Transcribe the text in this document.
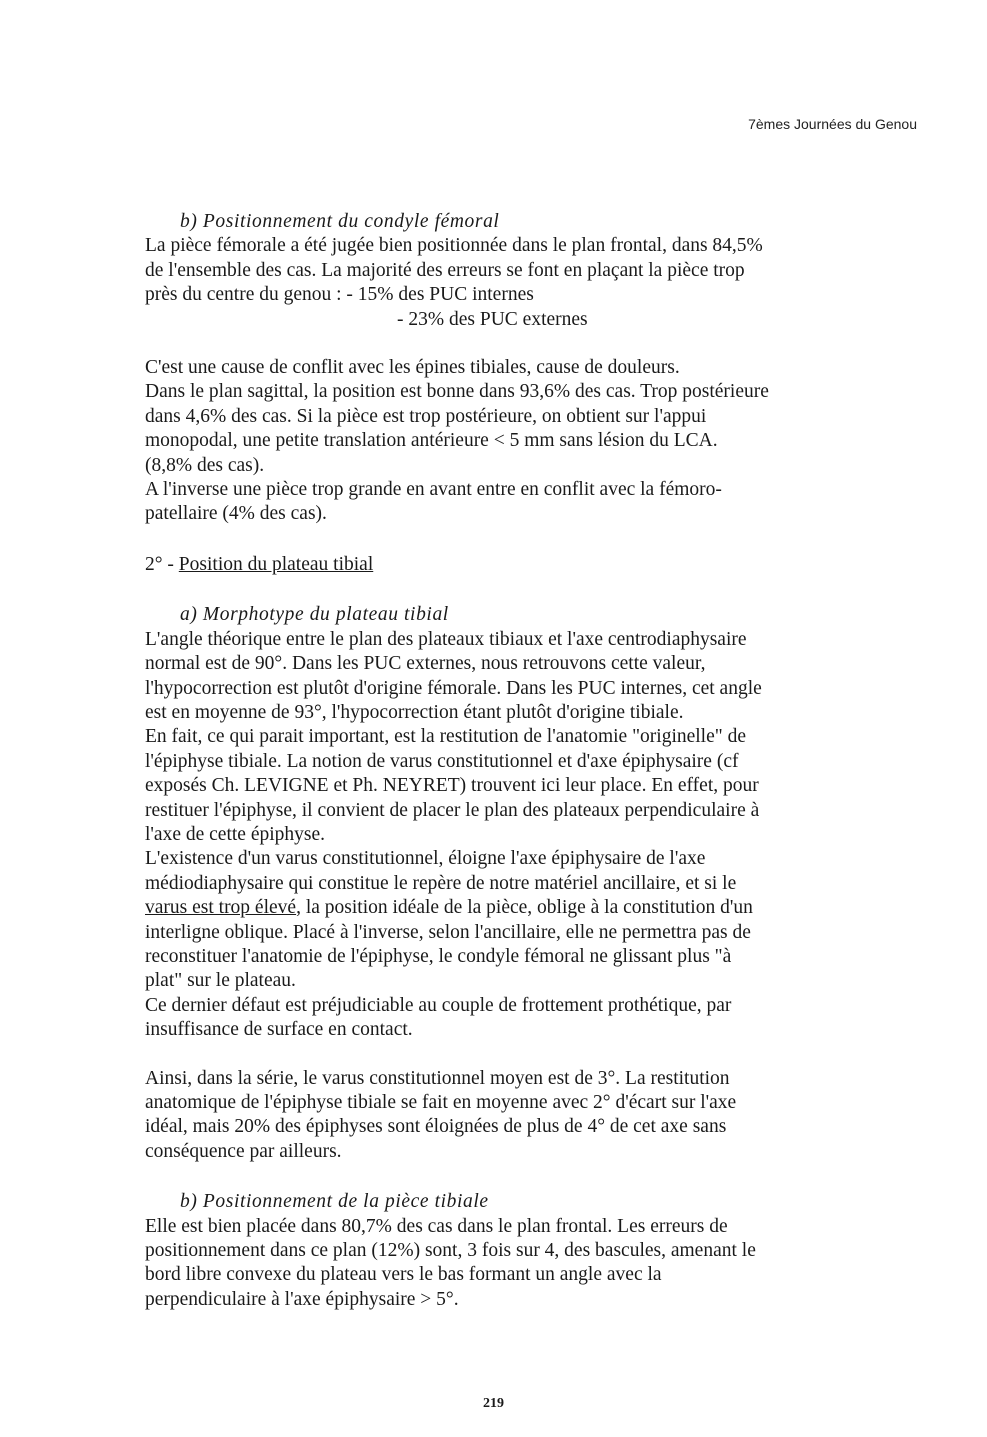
7èmes Journées du Genou
b) Positionnement du condyle fémoral
La pièce fémorale a été jugée bien positionnée dans le plan frontal, dans 84,5%
de l'ensemble des cas. La majorité des erreurs se font en plaçant la pièce trop
près du centre du genou : - 15% des PUC internes
- 23% des PUC externes
C'est une cause de conflit avec les épines tibiales, cause de douleurs.
Dans le plan sagittal, la position est bonne dans 93,6% des cas. Trop postérieure
dans 4,6% des cas. Si la pièce est trop postérieure, on obtient sur l'appui
monopodal, une petite translation antérieure < 5 mm sans lésion du LCA.
(8,8% des cas).
A l'inverse une pièce trop grande en avant entre en conflit avec la fémoro-
patellaire (4% des cas).
2° - Position du plateau tibial
a) Morphotype du plateau tibial
L'angle théorique entre le plan des plateaux tibiaux et l'axe centrodiaphysaire
normal est de 90°. Dans les PUC externes, nous retrouvons cette valeur,
l'hypocorrection est plutôt d'origine fémorale. Dans les PUC internes, cet angle
est en moyenne de 93°, l'hypocorrection étant plutôt d'origine tibiale.
En fait, ce qui parait important, est la restitution de l'anatomie "originelle" de
l'épiphyse tibiale. La notion de varus constitutionnel et d'axe épiphysaire (cf
exposés Ch. LEVIGNE et Ph. NEYRET) trouvent ici leur place. En effet, pour
restituer l'épiphyse, il convient de placer le plan des plateaux perpendiculaire à
l'axe de cette épiphyse.
L'existence d'un varus constitutionnel, éloigne l'axe épiphysaire de l'axe
médiodiaphysaire qui constitue le repère de notre matériel ancillaire, et si le
varus est trop élevé, la position idéale de la pièce, oblige à la constitution d'un
interligne oblique. Placé à l'inverse, selon l'ancillaire, elle ne permettra pas de
reconstituer l'anatomie de l'épiphyse, le condyle fémoral ne glissant plus "à
plat" sur le plateau.
Ce dernier défaut est préjudiciable au couple de frottement prothétique, par
insuffisance de surface en contact.
Ainsi, dans la série, le varus constitutionnel moyen est de 3°. La restitution
anatomique de l'épiphyse tibiale se fait en moyenne avec 2° d'écart sur l'axe
idéal, mais 20% des épiphyses sont éloignées de plus de 4° de cet axe sans
conséquence par ailleurs.
b) Positionnement de la pièce tibiale
Elle est bien placée dans 80,7% des cas dans le plan frontal. Les erreurs de
positionnement dans ce plan (12%) sont, 3 fois sur 4, des bascules, amenant le
bord libre convexe du plateau vers le bas formant un angle avec la
perpendiculaire à l'axe épiphysaire > 5°.
219
